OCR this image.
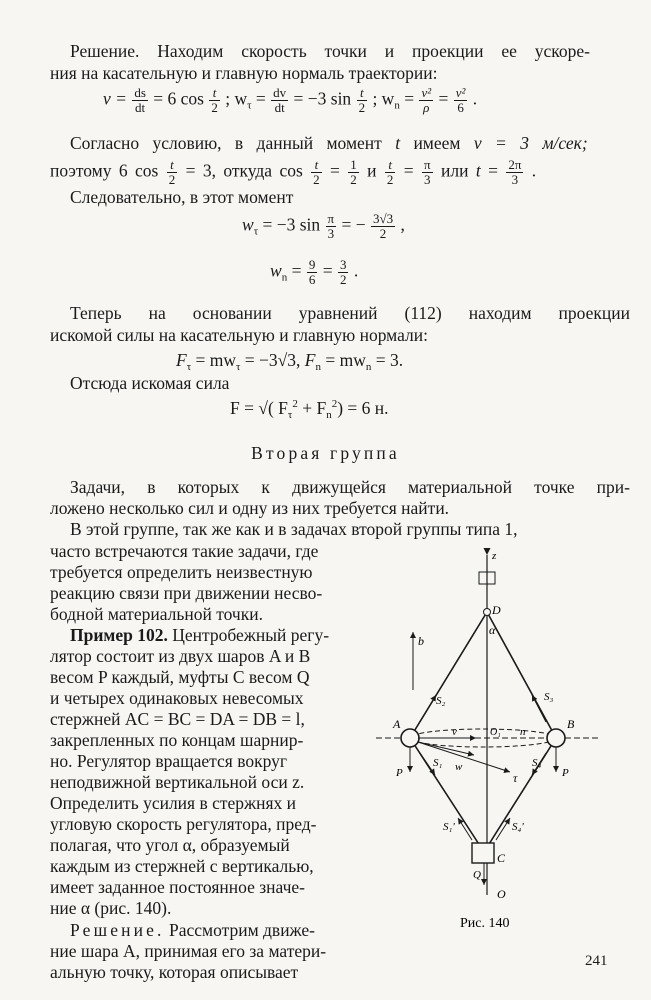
Решение. Находим скорость точки и проекции ее ускоре-
ния на касательную и главную нормаль траектории:
$v = \frac{ds}{dt} = 6$ $\cos \frac{t}{2}$ ; $w_\tau = \frac{dv}{dt} = -3$ $\sin \frac{t}{2}$ ; $w_n = \frac{\text{v²}}{\rho} = \frac{\text{v²}}{6}$ .
Согласно условию, в данный момент t имеем v = 3 м/сек;
поэтому 6 $\cos \frac{t}{2} = 3$, откуда $\cos \frac{t}{2} = \frac{1}{2}$ и $\frac{t}{2} = \frac{\pi}{3}$ или $t = \frac{2\pi}{3}$ .
Следовательно, в этот момент
$w_\tau = -3$ $\sin \frac{\pi}{3}$ = − $\frac{3√3}{2}$ ,
$w_n = \frac{9}{6} = \frac{3}{2}$ .
Теперь на основании уравнений (112) находим проекции
искомой силы на касательную и главную нормали:
$F_\tau = mw_\tau = -3√3$, $F_n = mw_n = 3$.
Отсюда искомая сила
F = √( $F_\tau^2 + F_n^2) = 6$ н.
Вторая группа
Задачи, в которых к движущейся материальной точке при-
ложено несколько сил и одну из них требуется найти.
В этой группе, так же как и в задачах второй группы типа 1,
часто встречаются такие задачи, где
требуется определить неизвестную
реакцию связи при движении несво-
бодной материальной точки.
Пример 102. Центробежный регу-
лятор состоит из двух шаров A и B
весом P каждый, муфты C весом Q
и четырех одинаковых невесомых
стержней AC = BC = DA = DB = l,
закрепленных по концам шарнир-
но. Регулятор вращается вокруг
неподвижной вертикальной оси z.
Определить усилия в стержнях и
угловую скорость регулятора, пред-
полагая, что угол α, образуемый
каждым из стержней с вертикалью,
имеет заданное постоянное значе-
ние α (рис. 140).
Решение. Рассмотрим движе-
ние шара A, принимая его за матери-
альную точку, которая описывает
z
D
α
b
A	B
C
O
O₁ n
v
τ
S₁
S₂	S₃
S₄
S₁'	S₄'
w
P	P
Q
Рис. 140
241
